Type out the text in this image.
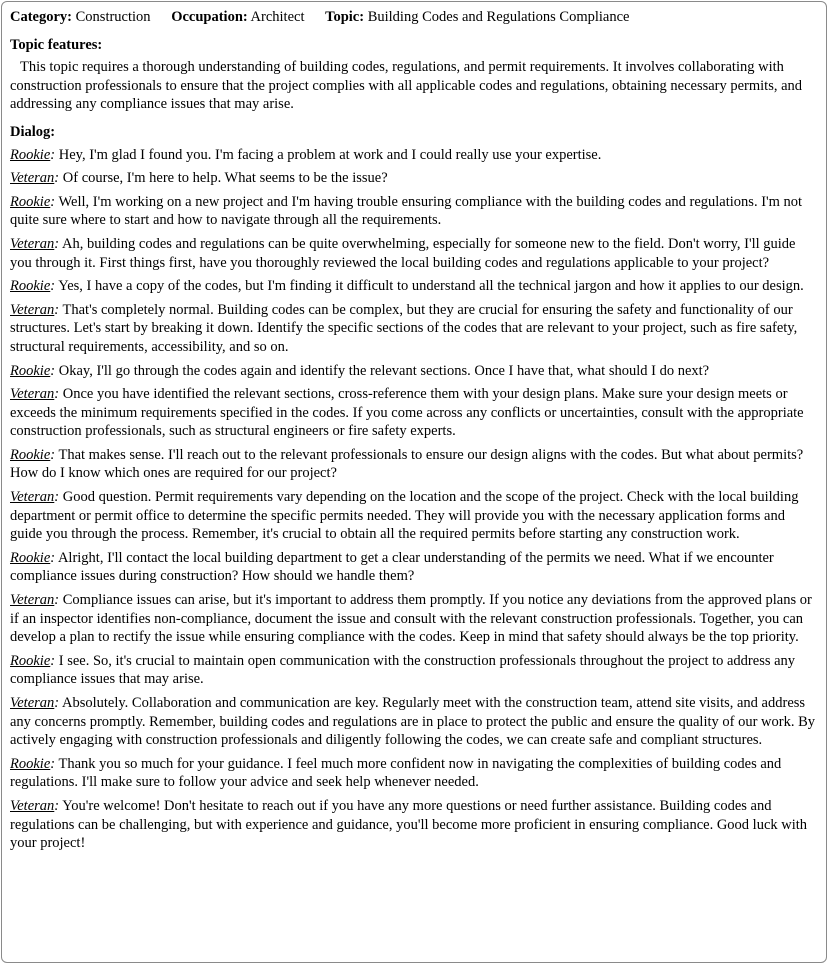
Category: Construction Occupation: Architect Topic: Building Codes and Regulations Compliance
Topic features:

This topic requires a thorough understanding of building codes, regulations, and permit requirements. It involves collaborating with construction professionals to ensure that the project complies with all applicable codes and regulations, obtaining necessary permits, and addressing any compliance issues that may arise.

Dialog:

Rookie: Hey, I'm glad I found you. I'm facing a problem at work and I could really use your expertise.

Veteran: Of course, I'm here to help. What seems to be the issue?

Rookie: Well, I'm working on a new project and I'm having trouble ensuring compliance with the building codes and regulations. I'm not quite sure where to start and how to navigate through all the requirements.

Veteran: Ah, building codes and regulations can be quite overwhelming, especially for someone new to the field. Don't worry, I'll guide you through it. First things first, have you thoroughly reviewed the local building codes and regulations applicable to your project?

Rookie: Yes, I have a copy of the codes, but I'm finding it difficult to understand all the technical jargon and how it applies to our design.

Veteran: That's completely normal. Building codes can be complex, but they are crucial for ensuring the safety and functionality of our structures. Let's start by breaking it down. Identify the specific sections of the codes that are relevant to your project, such as fire safety, structural requirements, accessibility, and so on.

Rookie: Okay, I'll go through the codes again and identify the relevant sections. Once I have that, what should I do next?

Veteran: Once you have identified the relevant sections, cross-reference them with your design plans. Make sure your design meets or exceeds the minimum requirements specified in the codes. If you come across any conflicts or uncertainties, consult with the appropriate construction professionals, such as structural engineers or fire safety experts.

Rookie: That makes sense. I'll reach out to the relevant professionals to ensure our design aligns with the codes. But what about permits? How do I know which ones are required for our project?

Veteran: Good question. Permit requirements vary depending on the location and the scope of the project. Check with the local building department or permit office to determine the specific permits needed. They will provide you with the necessary application forms and guide you through the process. Remember, it's crucial to obtain all the required permits before starting any construction work.

Rookie: Alright, I'll contact the local building department to get a clear understanding of the permits we need. What if we encounter compliance issues during construction? How should we handle them?

Veteran: Compliance issues can arise, but it's important to address them promptly. If you notice any deviations from the approved plans or if an inspector identifies non-compliance, document the issue and consult with the relevant construction professionals. Together, you can develop a plan to rectify the issue while ensuring compliance with the codes. Keep in mind that safety should always be the top priority.

Rookie: I see. So, it's crucial to maintain open communication with the construction professionals throughout the project to address any compliance issues that may arise.

Veteran: Absolutely. Collaboration and communication are key. Regularly meet with the construction team, attend site visits, and address any concerns promptly. Remember, building codes and regulations are in place to protect the public and ensure the quality of our work. By actively engaging with construction professionals and diligently following the codes, we can create safe and compliant structures.

Rookie: Thank you so much for your guidance. I feel much more confident now in navigating the complexities of building codes and regulations. I'll make sure to follow your advice and seek help whenever needed.

Veteran: You're welcome! Don't hesitate to reach out if you have any more questions or need further assistance. Building codes and regulations can be challenging, but with experience and guidance, you'll become more proficient in ensuring compliance. Good luck with your project!
